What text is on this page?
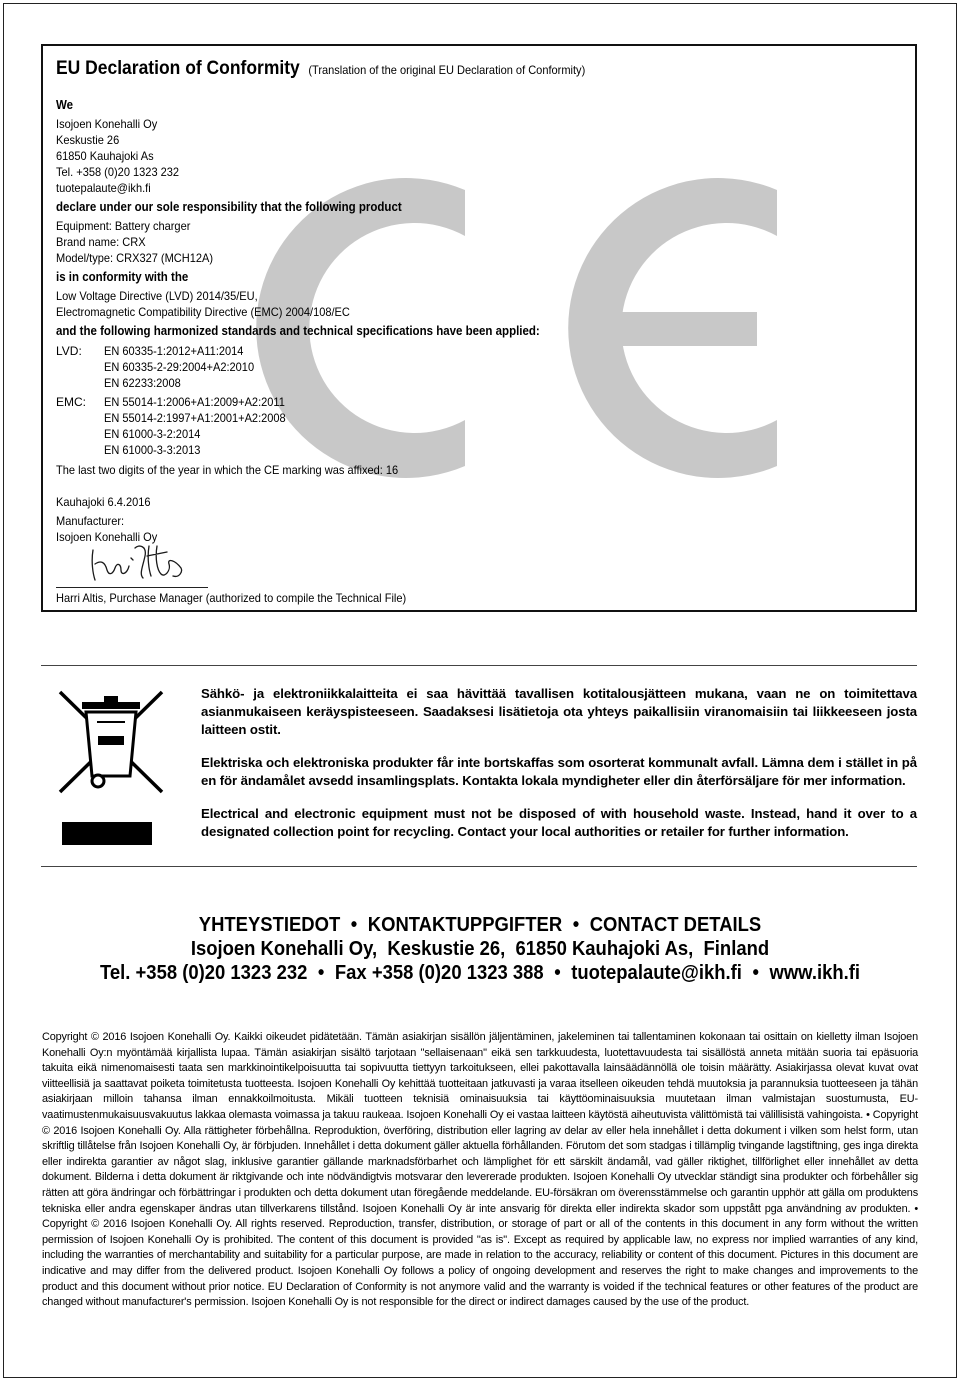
EU Declaration of Conformity (Translation of the original EU Declaration of Conformity)
We
Isojoen Konehalli Oy
Keskustie 26
61850 Kauhajoki As
Tel. +358 (0)20 1323 232
tuotepalaute@ikh.fi
declare under our sole responsibility that the following product
Equipment: Battery charger
Brand name: CRX
Model/type: CRX327 (MCH12A)
is in conformity with the
Low Voltage Directive (LVD) 2014/35/EU,
Electromagnetic Compatibility Directive (EMC) 2004/108/EC
and the following harmonized standards and technical specifications have been applied:
LVD:	EN 60335-1:2012+A11:2014
EN 60335-2-29:2004+A2:2010
EN 62233:2008
EMC:	EN 55014-1:2006+A1:2009+A2:2011
EN 55014-2:1997+A1:2001+A2:2008
EN 61000-3-2:2014
EN 61000-3-3:2013
The last two digits of the year in which the CE marking was affixed: 16
Kauhajoki 6.4.2016
Manufacturer:
Isojoen Konehalli Oy
Harri Altis, Purchase Manager (authorized to compile the Technical File)
Sähkö- ja elektroniikkalaitteita ei saa hävittää tavallisen kotitalousjätteen mukana, vaan ne on toimitettava asianmukaiseen keräyspisteeseen. Saadaksesi lisätietoja ota yhteys paikallisiin viranomaisiin tai liikkeeseen josta laitteen ostit.
Elektriska och elektroniska produkter får inte bortskaffas som osorterat kommunalt avfall. Lämna dem i stället in på en för ändamålet avsedd insamlingsplats. Kontakta lokala myndigheter eller din återförsäljare för mer information.
Electrical and electronic equipment must not be disposed of with household waste. Instead, hand it over to a designated collection point for recycling. Contact your local authorities or retailer for further information.
YHTEYSTIEDOT • KONTAKTUPPGIFTER • CONTACT DETAILS
Isojoen Konehalli Oy,  Keskustie 26,  61850 Kauhajoki As,  Finland
Tel. +358 (0)20 1323 232 • Fax +358 (0)20 1323 388 • tuotepalaute@ikh.fi • www.ikh.fi
Copyright © 2016 Isojoen Konehalli Oy. Kaikki oikeudet pidätetään. Tämän asiakirjan sisällön jäljentäminen, jakeleminen tai tallentaminen kokonaan tai osittain on kielletty ilman Isojoen Konehalli Oy:n myöntämää kirjallista lupaa. Tämän asiakirjan sisältö tarjotaan "sellaisenaan" eikä sen tarkkuudesta, luotettavuudesta tai sisällöstä anneta mitään suoria tai epäsuoria takuita eikä nimenomaisesti taata sen markkinointikelpoisuutta tai sopivuutta tiettyyn tarkoitukseen, ellei pakottavalla lainsäädännöllä ole toisin määrätty. Asiakirjassa olevat kuvat ovat viitteellisiä ja saattavat poiketa toimitetusta tuotteesta. Isojoen Konehalli Oy kehittää tuotteitaan jatkuvasti ja varaa itselleen oikeuden tehdä muutoksia ja parannuksia tuotteeseen ja tähän asiakirjaan milloin tahansa ilman ennakkoilmoitusta. Mikäli tuotteen teknisiä ominaisuuksia tai käyttöominaisuuksia muutetaan ilman valmistajan suostumusta, EU-vaatimustenmukaisuusvakuutus lakkaa olemasta voimassa ja takuu raukeaa. Isojoen Konehalli Oy ei vastaa laitteen käytöstä aiheutuvista välittömistä tai välillisistä vahingoista. • Copyright © 2016 Isojoen Konehalli Oy. Alla rättigheter förbehållna. Reproduktion, överföring, distribution eller lagring av delar av eller hela innehållet i detta dokument i vilken som helst form, utan skriftlig tillåtelse från Isojoen Konehalli Oy, är förbjuden. Innehållet i detta dokument gäller aktuella förhållanden. Förutom det som stadgas i tillämplig tvingande lagstiftning, ges inga direkta eller indirekta garantier av något slag, inklusive garantier gällande marknadsförbarhet och lämplighet för ett särskilt ändamål, vad gäller riktighet, tillförlighet eller innehållet av detta dokument. Bilderna i detta dokument är riktgivande och inte nödvändigtvis motsvarar den levererade produkten. Isojoen Konehalli Oy utvecklar ständigt sina produkter och förbehåller sig rätten att göra ändringar och förbättringar i produkten och detta dokument utan föregående meddelande. EU-försäkran om överensstämmelse och garantin upphör att gälla om produktens tekniska eller andra egenskaper ändras utan tillverkarens tillstånd. Isojoen Konehalli Oy är inte ansvarig för direkta eller indirekta skador som uppstått pga användning av produkten. • Copyright © 2016 Isojoen Konehalli Oy. All rights reserved. Reproduction, transfer, distribution, or storage of part or all of the contents in this document in any form without the written permission of Isojoen Konehalli Oy is prohibited. The content of this document is provided "as is". Except as required by applicable law, no express nor implied warranties of any kind, including the warranties of merchantability and suitability for a particular purpose, are made in relation to the accuracy, reliability or content of this document. Pictures in this document are indicative and may differ from the delivered product. Isojoen Konehalli Oy follows a policy of ongoing development and reserves the right to make changes and improvements to the product and this document without prior notice. EU Declaration of Conformity is not anymore valid and the warranty is voided if the technical features or other features of the product are changed without manufacturer's permission. Isojoen Konehalli Oy is not responsible for the direct or indirect damages caused by the use of the product.
